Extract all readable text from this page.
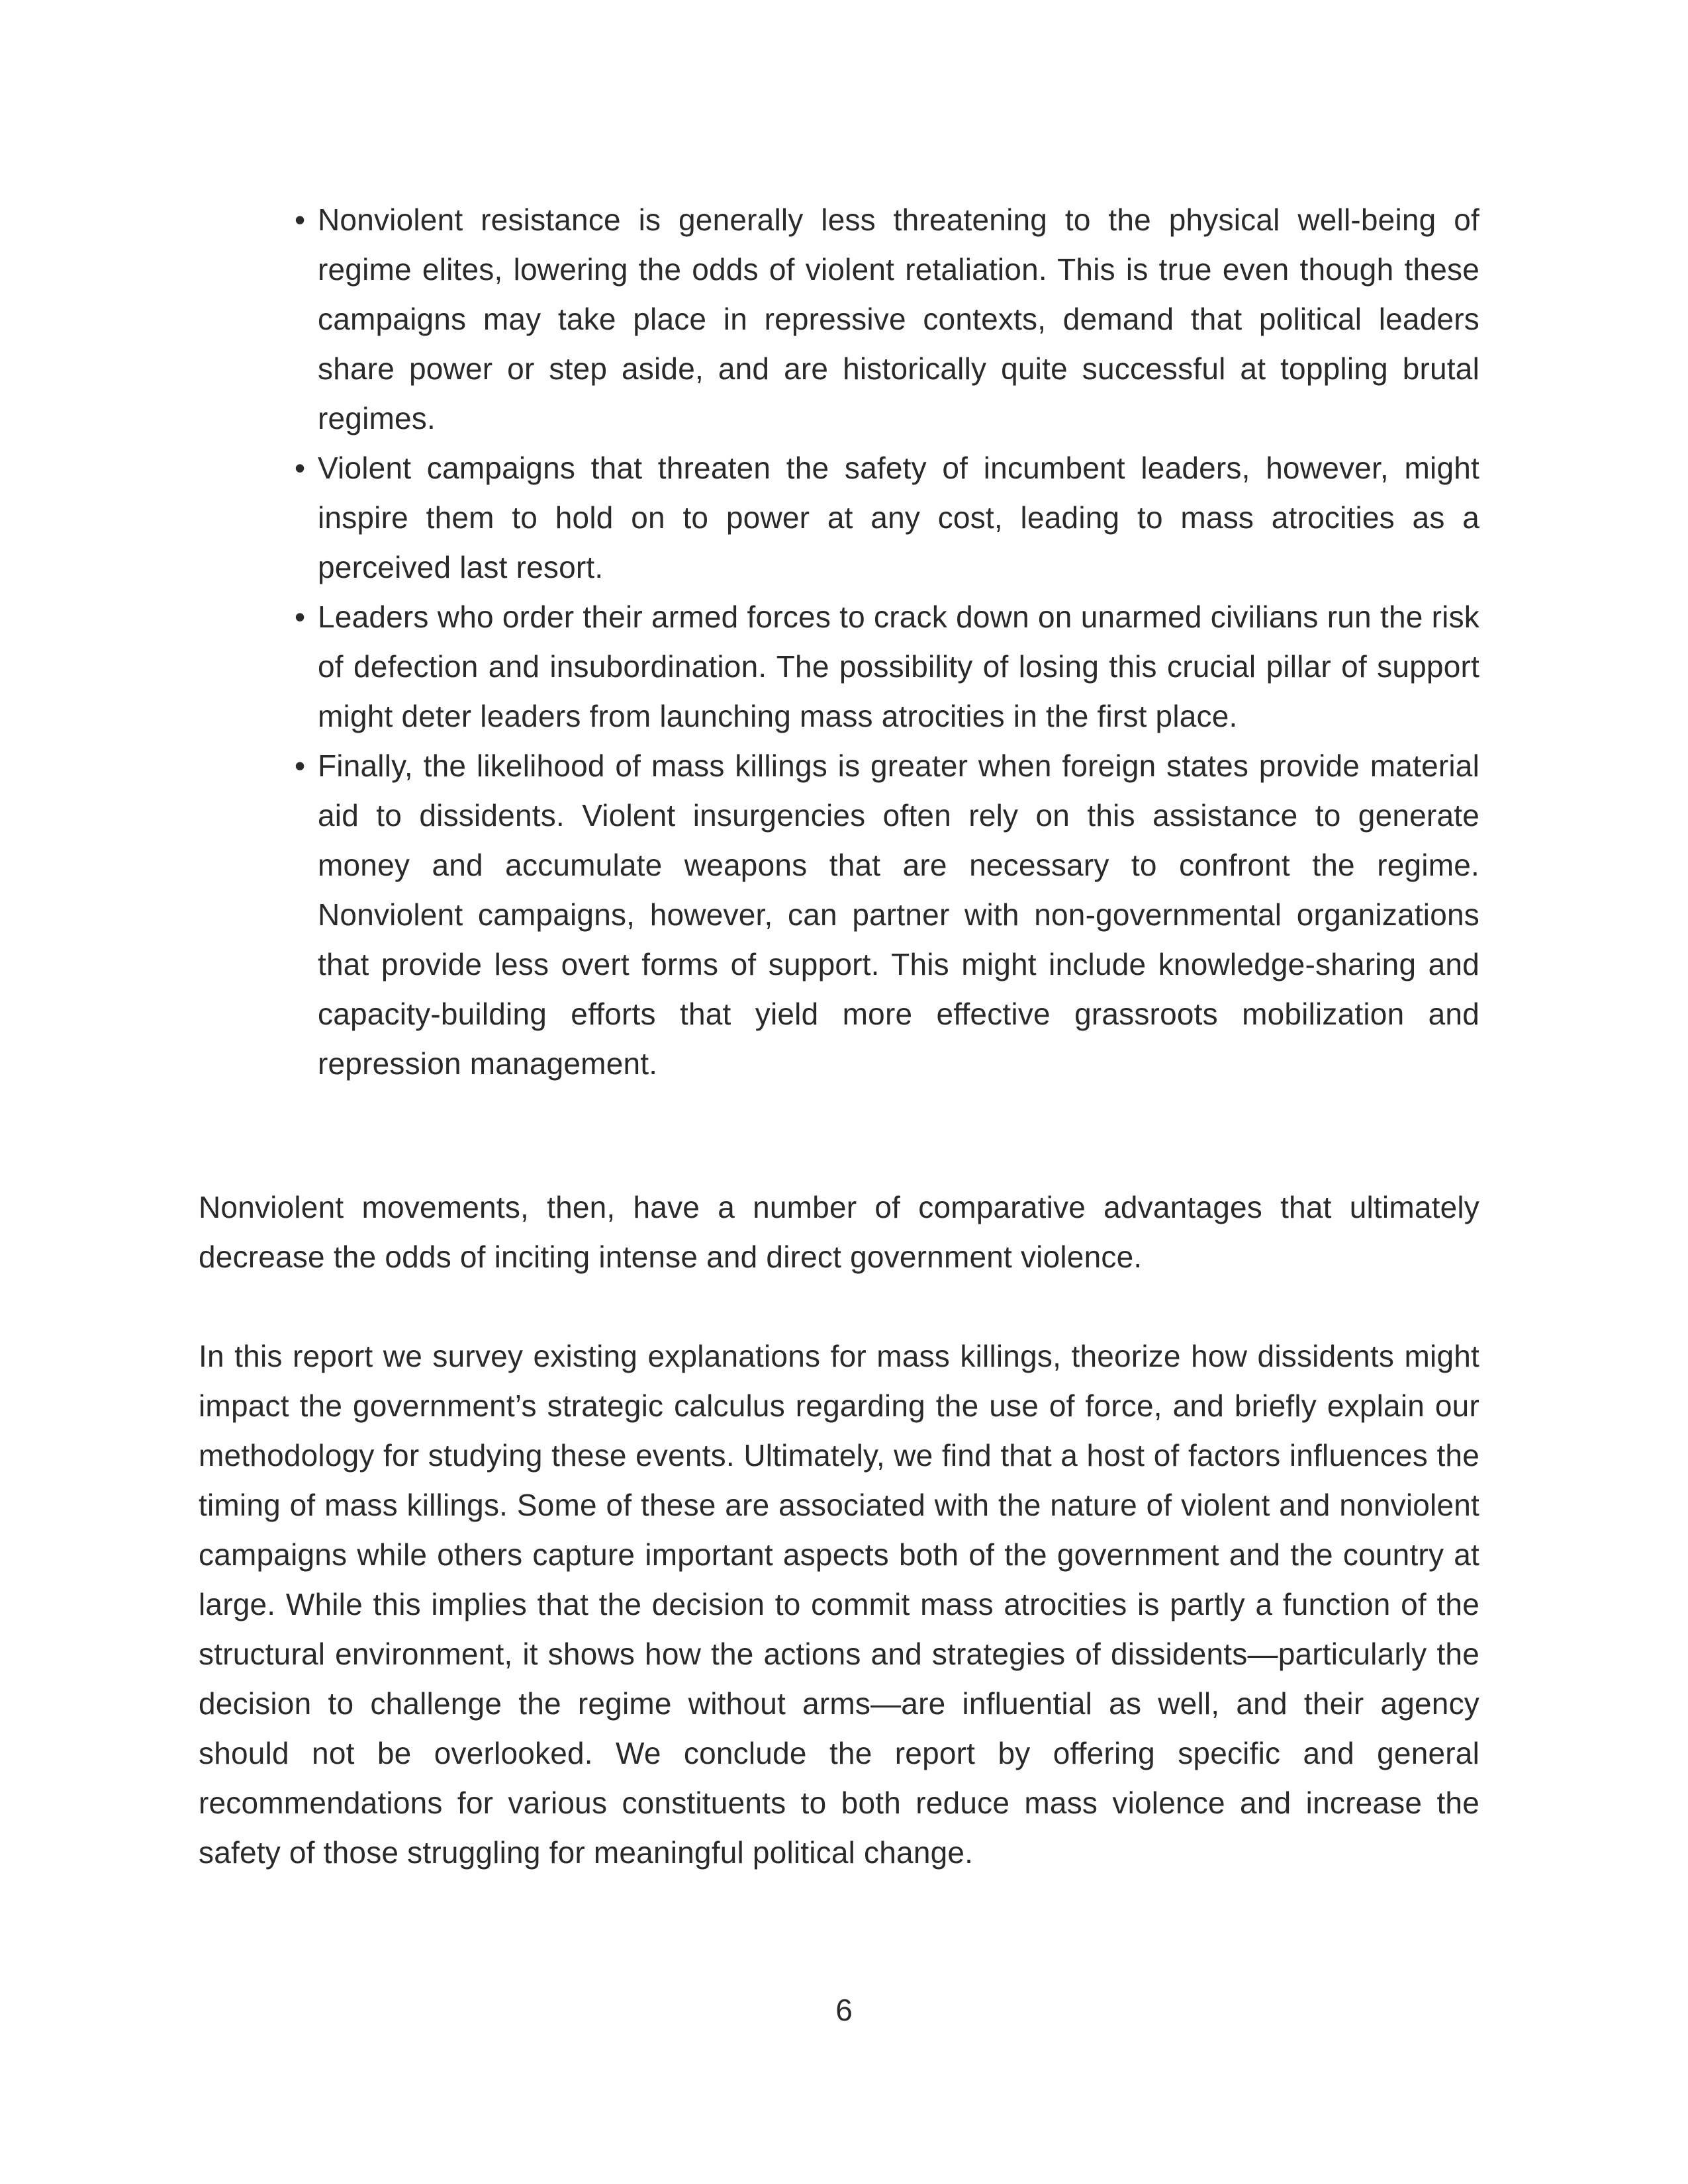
• Nonviolent resistance is generally less threatening to the physical well-being of regime elites, lowering the odds of violent retaliation. This is true even though these campaigns may take place in repressive contexts, demand that political leaders share power or step aside, and are historically quite successful at toppling brutal regimes.
• Violent campaigns that threaten the safety of incumbent leaders, however, might inspire them to hold on to power at any cost, leading to mass atrocities as a perceived last resort.
• Leaders who order their armed forces to crack down on unarmed civilians run the risk of defection and insubordination. The possibility of losing this crucial pillar of support might deter leaders from launching mass atrocities in the first place.
• Finally, the likelihood of mass killings is greater when foreign states provide material aid to dissidents. Violent insurgencies often rely on this assistance to generate money and accumulate weapons that are necessary to confront the regime. Nonviolent campaigns, however, can partner with non-governmental organizations that provide less overt forms of support. This might include knowledge-sharing and capacity-building efforts that yield more effective grassroots mobilization and repression management.

Nonviolent movements, then, have a number of comparative advantages that ultimately decrease the odds of inciting intense and direct government violence.

In this report we survey existing explanations for mass killings, theorize how dissidents might impact the government’s strategic calculus regarding the use of force, and briefly explain our methodology for studying these events. Ultimately, we find that a host of factors influences the timing of mass killings. Some of these are associated with the nature of violent and nonviolent campaigns while others capture important aspects both of the government and the country at large. While this implies that the decision to commit mass atrocities is partly a function of the structural environment, it shows how the actions and strategies of dissidents—particularly the decision to challenge the regime without arms—are influential as well, and their agency should not be overlooked. We conclude the report by offering specific and general recommendations for various constituents to both reduce mass violence and increase the safety of those struggling for meaningful political change.

6
